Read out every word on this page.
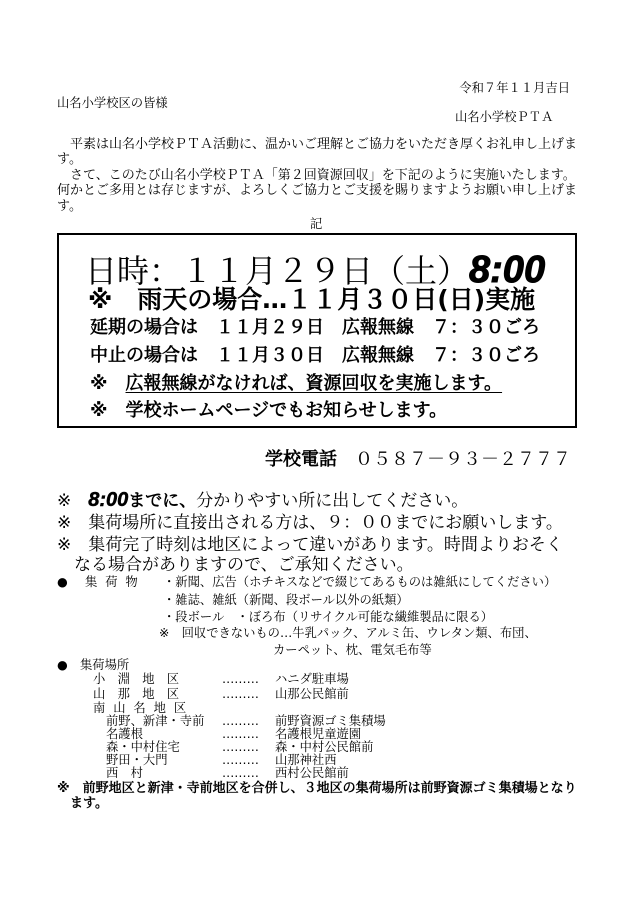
令和７年１１月吉日
山名小学校区の皆様
山名小学校ＰＴＡ
　平素は山名小学校ＰＴＡ活動に、温かいご理解とご協力をいただき厚くお礼申し上げま
す。
　さて、このたび山名小学校ＰＴＡ「第２回資源回収」を下記のように実施いたします。
何かとご多用とは存じますが、よろしくご協力とご支援を賜りますようお願い申し上げま
す。
記
日時：１１月２９日（土）8:00
※　雨天の場合…１１月３０日(日)実施
延期の場合は　１１月２９日　広報無線　７：３０ごろ
中止の場合は　１１月３０日　広報無線　７：３０ごろ
※　広報無線がなければ、資源回収を実施します。
※　学校ホームページでもお知らせします。
学校電話　 ０５８７－９３－２７７７
※　8:00までに、分かりやすい所に出してください。
※　集荷場所に直接出される方は、９：００までにお願いします。
※　集荷完了時刻は地区によって違いがあります。時間よりおそく
　なる場合がありますので、ご承知ください。
● 集 荷 物 ・新聞、広告（ホチキスなどで綴じてあるものは雑紙にしてください）
・雑誌、雑紙（新聞、段ボール以外の紙類）
・段ボール　・ぼろ布（リサイクル可能な繊維製品に限る）
※　回収できないもの…牛乳パック、アルミ缶、ウレタン類、布団、
カーペット、枕、電気毛布等
● 集荷場所
小　淵　地　区	……… ハニダ駐車場
山　那　地　区	……… 山那公民館前
南 山 名 地 区
前野、新津・寺前 ……… 前野資源ゴミ集積場
名護根	……… 名護根児童遊園
森・中村住宅	……… 森・中村公民館前
野田・大門	……… 山那神社西
西　村	……… 西村公民館前
※　前野地区と新津・寺前地区を合併し、３地区の集荷場所は前野資源ゴミ集積場となり
ます。
